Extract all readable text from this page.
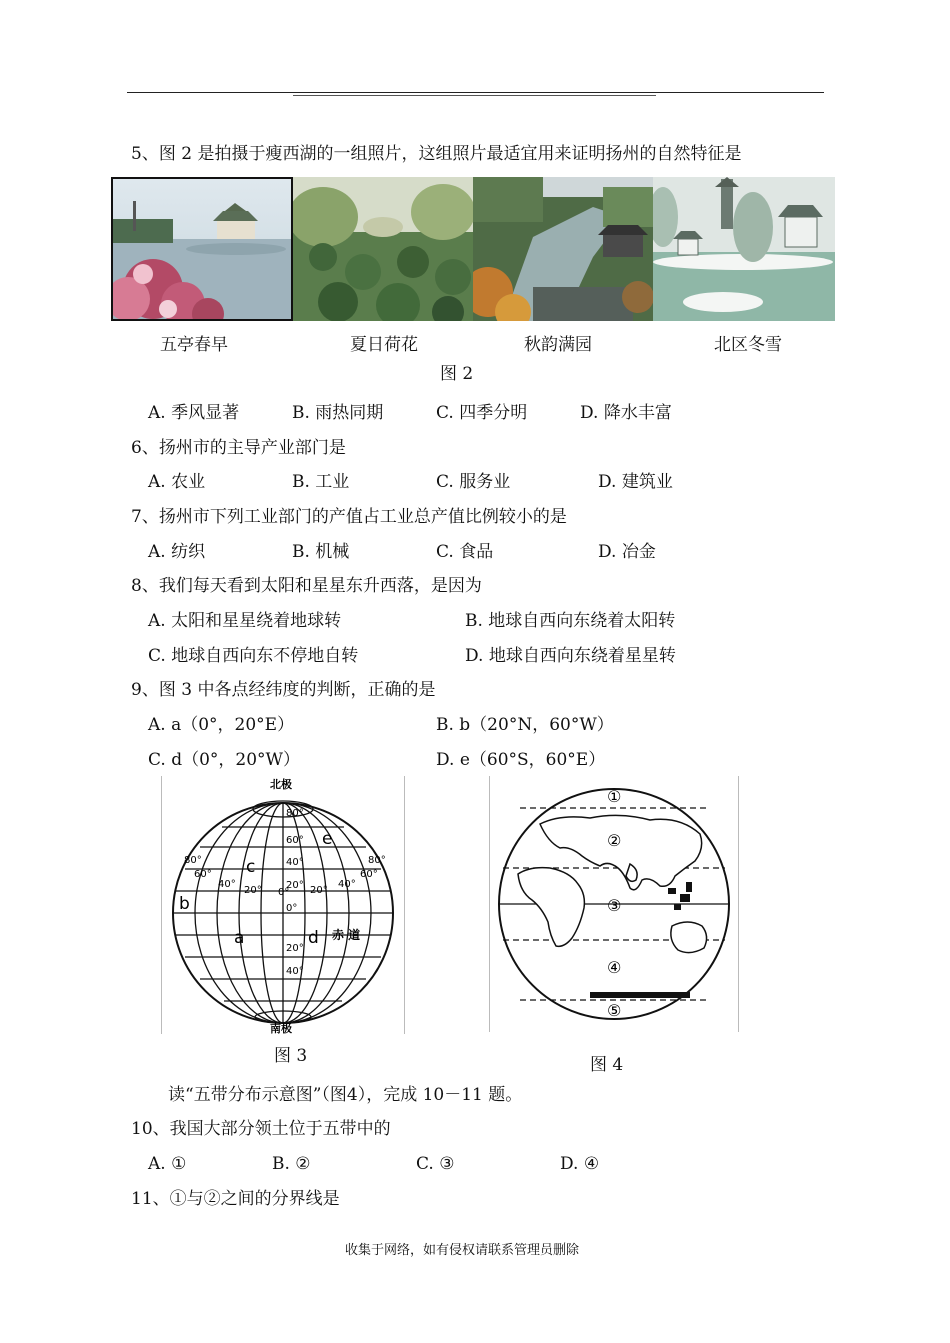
5、图 2 是拍摄于瘦西湖的一组照片，这组照片最适宜用来证明扬州的自然特征是
五亭春早	夏日荷花	秋韵满园	北区冬雪
图 2
A. 季风显著	B. 雨热同期	C. 四季分明	D. 降水丰富
6、扬州市的主导产业部门是
A. 农业	B. 工业	C. 服务业	D. 建筑业
7、扬州市下列工业部门的产值占工业总产值比例较小的是
A. 纺织	B. 机械	C. 食品	D. 冶金
8、我们每天看到太阳和星星东升西落，是因为
A. 太阳和星星绕着地球转	B. 地球自西向东绕着太阳转
C. 地球自西向东不停地自转	D. 地球自西向东绕着星星转
9、图 3 中各点经纬度的判断，正确的是
A. a（0°，20°E）	B. b（20°N，60°W）
C. d（0°，20°W）	D. e（60°S，60°E）
北极
南极
赤 道
80°
60°
40°
20°
0°
20°
40°
80°
60°
40°
20° 0° 20°
40°
60°
80°
a
b
c
d
e
图 3
①
②
③
④
⑤
图 4
读“五带分布示意图”（图4），完成 10－11 题。
10、我国大部分领土位于五带中的
A. ①	B. ②	C. ③	D. ④
11、①与②之间的分界线是
收集于网络，如有侵权请联系管理员删除
